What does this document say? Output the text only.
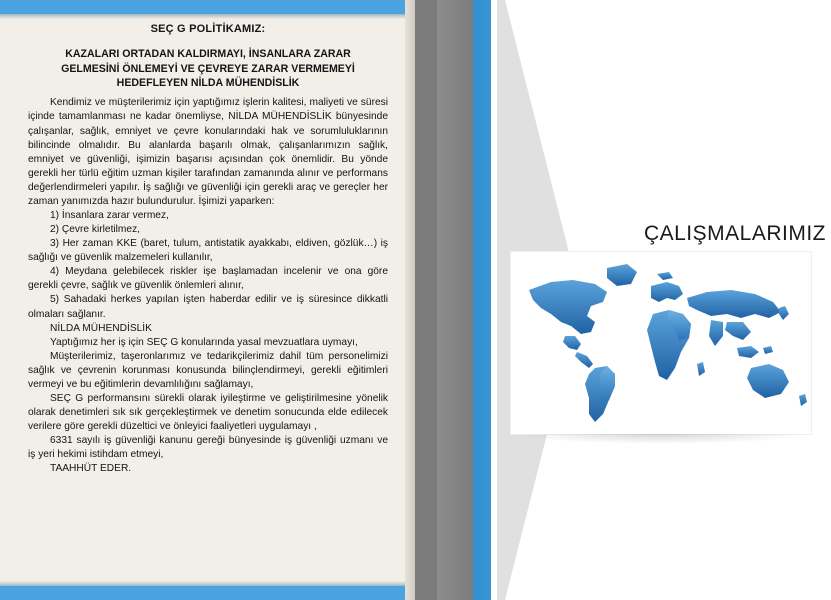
SEÇ G POLİTİKAMIZ:

KAZALARI ORTADAN KALDIRMAYI, İNSANLARA ZARAR GELMESİNİ ÖNLEMEYİ VE ÇEVREYE ZARAR VERMEMEYİ HEDEFLEYEN NİLDA MÜHENDİSLİK

Kendimiz ve müşterilerimiz için yaptığımız işlerin kalitesi, maliyeti ve süresi içinde tamamlanması ne kadar önemliyse, NİLDA MÜHENDİSLİK bünyesinde çalışanlar, sağlık, emniyet ve çevre konularındaki hak ve sorumluluklarının bilincinde olmalıdır. Bu alanlarda başarılı olmak, çalışanlarımızın sağlık, emniyet ve güvenliği, işimizin başarısı açısından çok önemlidir. Bu yönde gerekli her türlü eğitim uzman kişiler tarafından zamanında alınır ve performans değerlendirmeleri yapılır. İş sağlığı ve güvenliği için gerekli araç ve gereçler her zaman yanımızda hazır bulundurulur. İşimizi yaparken:

1) İnsanlara zarar vermez,

2) Çevre kirletilmez,

3) Her zaman KKE (baret, tulum, antistatik ayakkabı, eldiven, gözlük…) iş sağlığı ve güvenlik malzemeleri kullanılır,

4) Meydana gelebilecek riskler işe başlamadan incelenir ve ona göre gerekli çevre, sağlık ve güvenlik önlemleri alınır,

5) Sahadaki herkes yapılan işten haberdar edilir ve iş süresince dikkatli olmaları sağlanır.

NİLDA MÜHENDİSLİK

Yaptığımız her iş için SEÇ G konularında yasal mevzuatlara uymayı,

Müşterilerimiz, taşeronlarımız ve tedarikçilerimiz dahil tüm personelimizi sağlık ve çevrenin korunması konusunda bilinçlendirmeyi, gerekli eğitimleri vermeyi ve bu eğitimlerin devamlılığını sağlamayı,

SEÇ G performansını sürekli olarak iyileştirme ve geliştirilmesine yönelik olarak denetimleri sık sık gerçekleştirmek ve denetim sonucunda elde edilecek verilere göre gerekli düzeltici ve önleyici faaliyetleri uygulamayı ,

6331 sayılı iş güvenliği kanunu gereği bünyesinde iş güvenliği uzmanı ve iş yeri hekimi istihdam etmeyi,

TAAHHÜT EDER.

ÇALIŞMALARIMIZ
